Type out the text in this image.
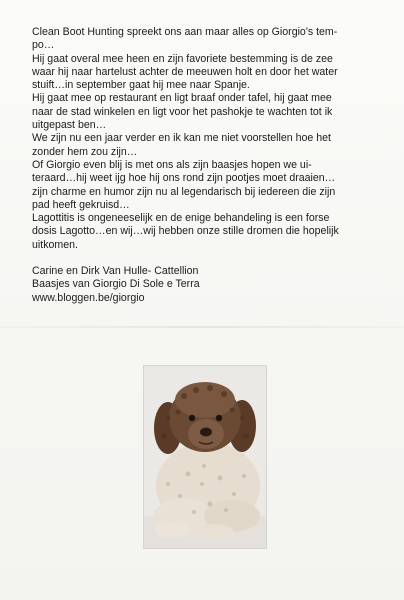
Clean Boot Hunting spreekt ons aan maar alles op Giorgio's tem-
po…

Hij gaat overal mee heen en zijn favoriete bestemming is de zee
waar hij naar hartelust achter de meeuwen holt en door het water
stuift…in september gaat hij mee naar Spanje.

Hij gaat mee op restaurant en ligt braaf onder tafel, hij gaat mee
naar de stad winkelen en ligt voor het pashokje te wachten tot ik
uitgepast ben…

We zijn nu een jaar verder en ik kan me niet voorstellen hoe het
zonder hem zou zijn…

Of Giorgio even blij is met ons als zijn baasjes hopen we ui-
teraard…hij weet ijg hoe hij ons rond zijn pootjes moet draaien…
zijn charme en humor zijn nu al legendarisch bij iedereen die zijn
pad heeft gekruisd…

Lagottitis is ongeneeselijk en de enige behandeling is een forse
dosis Lagotto…en wij…wij hebben onze stille dromen die hopelijk
uitkomen.

Carine en Dirk Van Hulle- Cattellion

Baasjes van Giorgio Di Sole e Terra

www.bloggen.be/giorgio
